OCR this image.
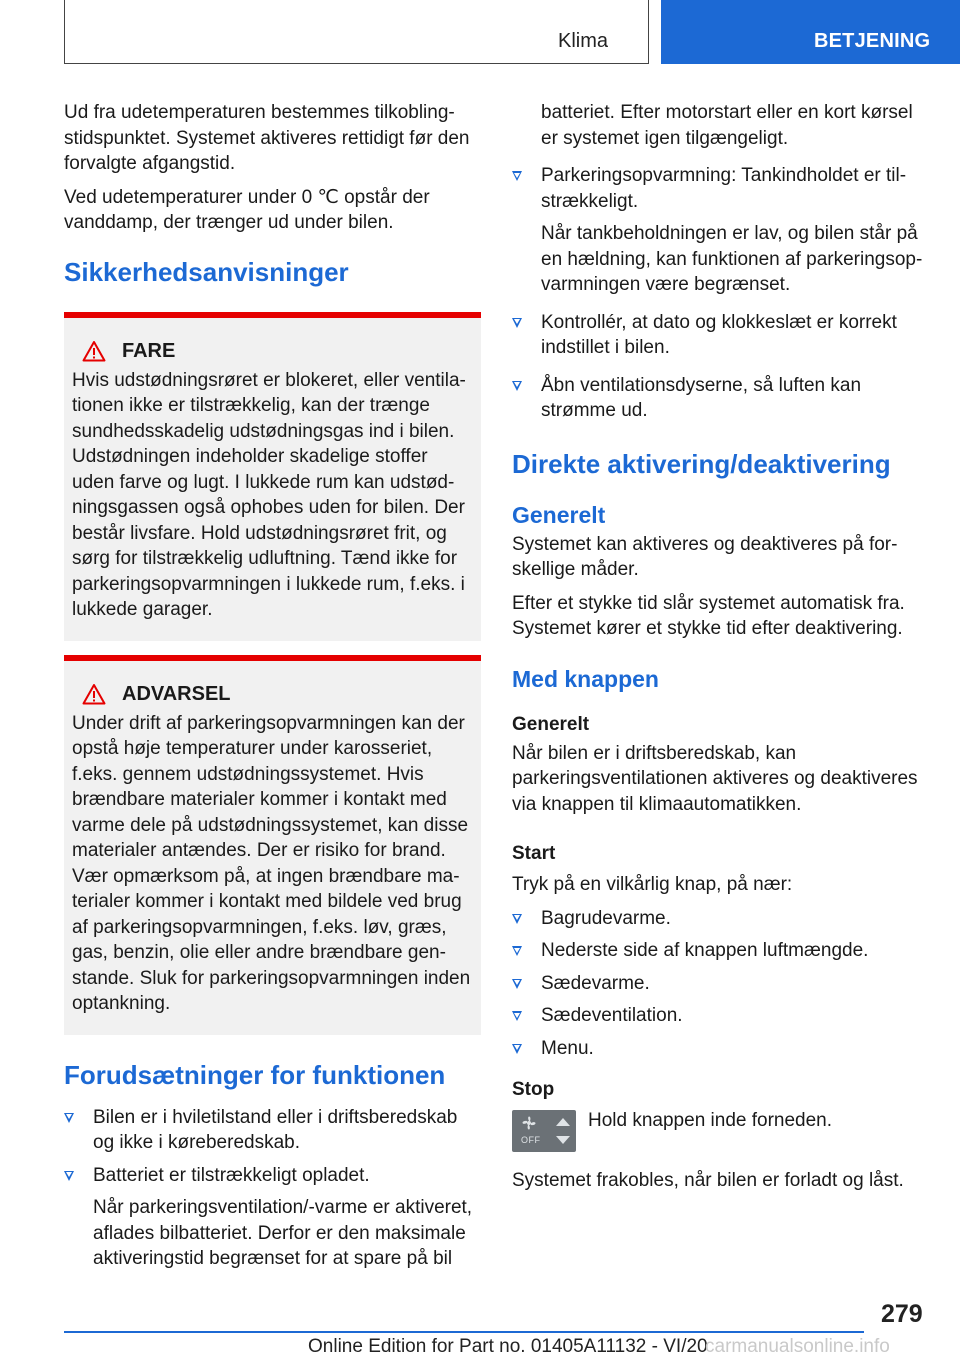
Klima	BETJENING

Ud fra udetemperaturen bestemmes tilkoblingstidspunktet. Systemet aktiveres rettidigt før den forvalgte afgangstid.

Ved udetemperaturer under 0 ℃ opstår der vanddamp, der trænger ud under bilen.

Sikkerhedsanvisninger
FARE
Hvis udstødningsrøret er blokeret, eller ventilationen ikke er tilstrækkelig, kan der trænge sundhedsskadelig udstødningsgas ind i bilen. Udstødningen indeholder skadelige stoffer uden farve og lugt. I lukkede rum kan udstødningsgassen også ophobes uden for bilen. Der består livsfare. Hold udstødningsrøret frit, og sørg for tilstrækkelig udluftning. Tænd ikke for parkeringsopvarmningen i lukkede rum, f.eks. i lukkede garager.
ADVARSEL
Under drift af parkeringsopvarmningen kan der opstå høje temperaturer under karosseriet, f.eks. gennem udstødningssystemet. Hvis brændbare materialer kommer i kontakt med varme dele på udstødningssystemet, kan disse materialer antændes. Der er risiko for brand. Vær opmærksom på, at ingen brændbare materialer kommer i kontakt med bildele ved brug af parkeringsopvarmningen, f.eks. løv, græs, gas, benzin, olie eller andre brændbare genstande. Sluk for parkeringsopvarmningen inden optankning.
Forudsætninger for funktionen
Bilen er i hviletilstand eller i driftsberedskab og ikke i køreberedskab.
Batteriet er tilstrækkeligt opladet.
Når parkeringsventilation/-varme er aktiveret, aflades bilbatteriet. Derfor er den maksimale aktiveringstid begrænset for at spare på bil
batteriet. Efter motorstart eller en kort kørsel er systemet igen tilgængeligt.
Parkeringsopvarmning: Tankindholdet er tilstrækkeligt.
Når tankbeholdningen er lav, og bilen står på en hældning, kan funktionen af parkeringsopvarmningen være begrænset.
Kontrollér, at dato og klokkeslæt er korrekt indstillet i bilen.
Åbn ventilationsdyserne, så luften kan strømme ud.
Direkte aktivering/deaktivering
Generelt

Systemet kan aktiveres og deaktiveres på forskellige måder.

Efter et stykke tid slår systemet automatisk fra. Systemet kører et stykke tid efter deaktivering.

Med knappen
Generelt

Når bilen er i driftsberedskab, kan parkeringsventilationen aktiveres og deaktiveres via knappen til klimaautomatikken.

Start

Tryk på en vilkårlig knap, på nær:

Bagrudevarme.
Nederste side af knappen luftmængde.
Sædevarme.
Sædeventilation.
Menu.
Stop
OFF

Hold knappen inde forneden.

Systemet frakobles, når bilen er forladt og låst.

279
Online Edition for Part no. 01405A11132 - VI/20
carmanualsonline.info
